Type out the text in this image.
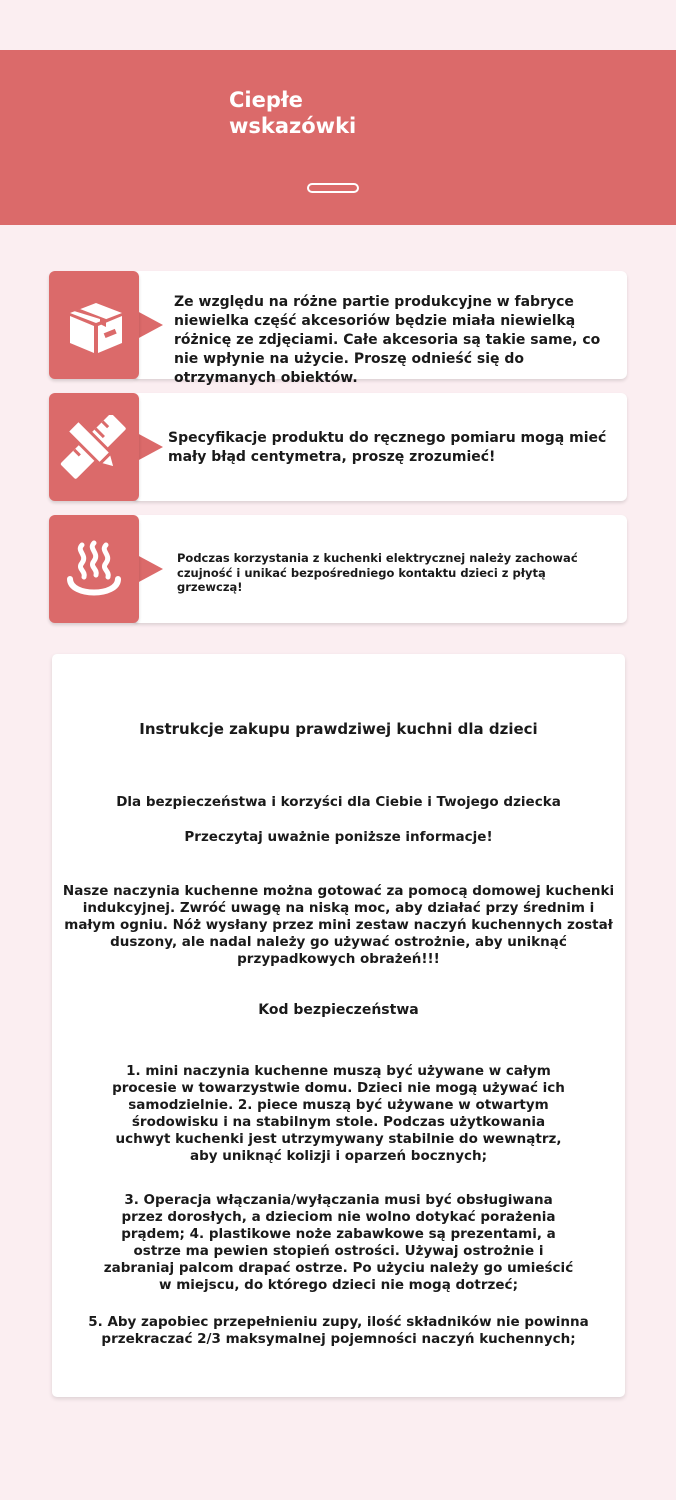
Ciepłe wskazówki

Ze względu na różne partie produkcyjne w fabryce niewielka część akcesoriów będzie miała niewielką różnicę ze zdjęciami. Całe akcesoria są takie same, co nie wpłynie na użycie. Proszę odnieść się do otrzymanych obiektów.

Specyfikacje produktu do ręcznego pomiaru mogą mieć mały błąd centymetra, proszę zrozumieć!

Podczas korzystania z kuchenki elektrycznej należy zachować czujność i unikać bezpośredniego kontaktu dzieci z płytą grzewczą!

Instrukcje zakupu prawdziwej kuchni dla dzieci

Dla bezpieczeństwa i korzyści dla Ciebie i Twojego dziecka

Przeczytaj uważnie poniższe informacje!

Nasze naczynia kuchenne można gotować za pomocą domowej kuchenki indukcyjnej. Zwróć uwagę na niską moc, aby działać przy średnim i małym ogniu. Nóż wysłany przez mini zestaw naczyń kuchennych został duszony, ale nadal należy go używać ostrożnie, aby uniknąć przypadkowych obrażeń!!!

Kod bezpieczeństwa

1. mini naczynia kuchenne muszą być używane w całym procesie w towarzystwie domu. Dzieci nie mogą używać ich samodzielnie. 2. piece muszą być używane w otwartym środowisku i na stabilnym stole. Podczas użytkowania uchwyt kuchenki jest utrzymywany stabilnie do wewnątrz, aby uniknąć kolizji i oparzeń bocznych;

3. Operacja włączania/wyłączania musi być obsługiwana przez dorosłych, a dzieciom nie wolno dotykać porażenia prądem; 4. plastikowe noże zabawkowe są prezentami, a ostrze ma pewien stopień ostrości. Używaj ostrożnie i zabraniaj palcom drapać ostrze. Po użyciu należy go umieścić w miejscu, do którego dzieci nie mogą dotrzeć;

5. Aby zapobiec przepełnieniu zupy, ilość składników nie powinna przekraczać 2/3 maksymalnej pojemności naczyń kuchennych;
